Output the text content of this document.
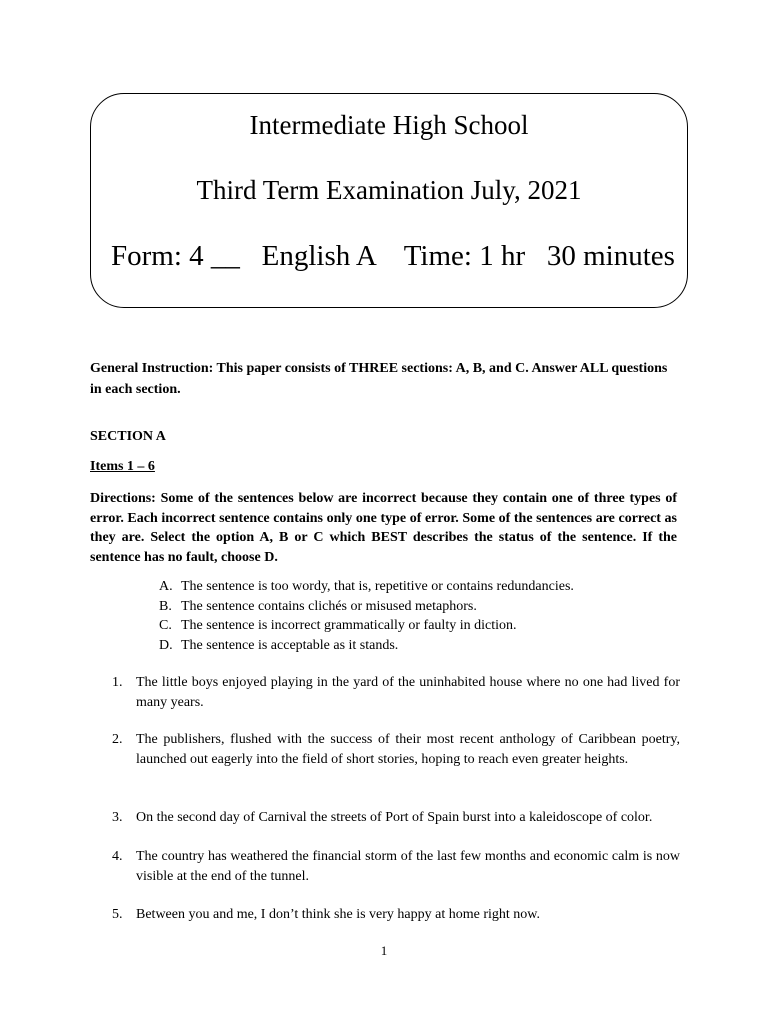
Intermediate High School
Third Term Examination July, 2021
Form: 4 __   English A    Time: 1 hr   30 minutes
General Instruction: This paper consists of THREE sections: A, B, and C. Answer ALL questions in each section.
SECTION A
Items 1 – 6
Directions: Some of the sentences below are incorrect because they contain one of three types of error. Each incorrect sentence contains only one type of error. Some of the sentences are correct as they are. Select the option A, B or C which BEST describes the status of the sentence. If the sentence has no fault, choose D.
A. The sentence is too wordy, that is, repetitive or contains redundancies.
B. The sentence contains clichés or misused metaphors.
C. The sentence is incorrect grammatically or faulty in diction.
D. The sentence is acceptable as it stands.
1. The little boys enjoyed playing in the yard of the uninhabited house where no one had lived for many years.
2. The publishers, flushed with the success of their most recent anthology of Caribbean poetry, launched out eagerly into the field of short stories, hoping to reach even greater heights.
3. On the second day of Carnival the streets of Port of Spain burst into a kaleidoscope of color.
4. The country has weathered the financial storm of the last few months and economic calm is now visible at the end of the tunnel.
5. Between you and me, I don’t think she is very happy at home right now.
1
